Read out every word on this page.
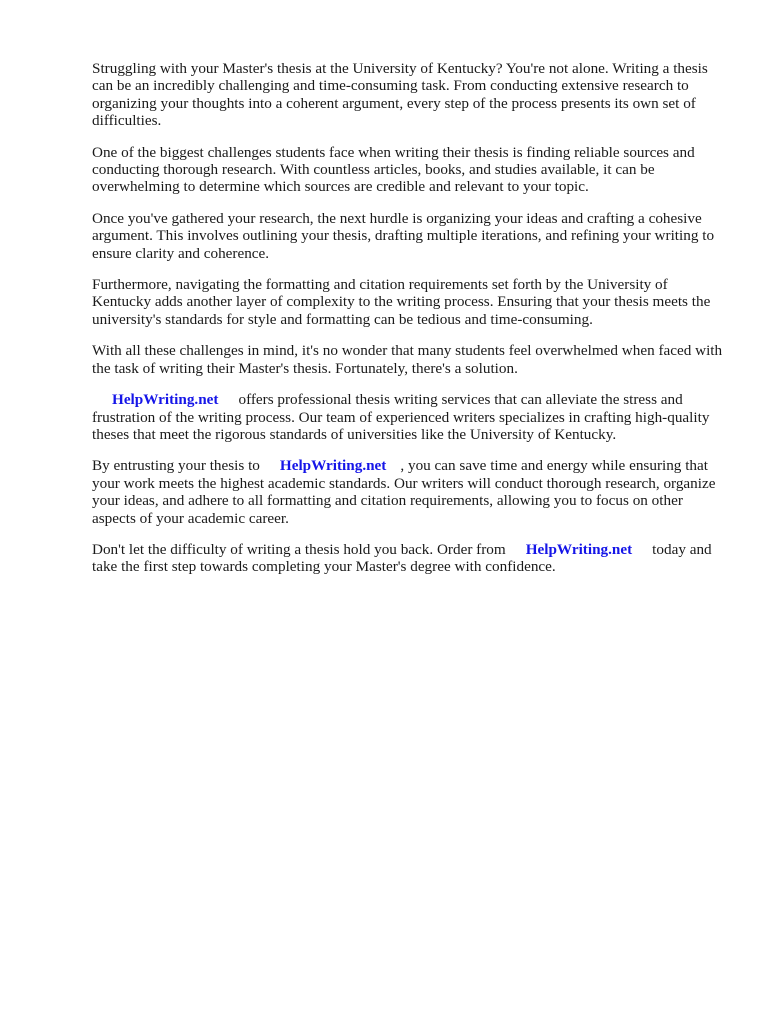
Struggling with your Master's thesis at the University of Kentucky? You're not alone. Writing a thesis can be an incredibly challenging and time-consuming task. From conducting extensive research to organizing your thoughts into a coherent argument, every step of the process presents its own set of difficulties.

One of the biggest challenges students face when writing their thesis is finding reliable sources and conducting thorough research. With countless articles, books, and studies available, it can be overwhelming to determine which sources are credible and relevant to your topic.

Once you've gathered your research, the next hurdle is organizing your ideas and crafting a cohesive argument. This involves outlining your thesis, drafting multiple iterations, and refining your writing to ensure clarity and coherence.

Furthermore, navigating the formatting and citation requirements set forth by the University of Kentucky adds another layer of complexity to the writing process. Ensuring that your thesis meets the university's standards for style and formatting can be tedious and time-consuming.

With all these challenges in mind, it's no wonder that many students feel overwhelmed when faced with the task of writing their Master's thesis. Fortunately, there's a solution.

HelpWriting.net offers professional thesis writing services that can alleviate the stress and frustration of the writing process. Our team of experienced writers specializes in crafting high-quality theses that meet the rigorous standards of universities like the University of Kentucky.

By entrusting your thesis to HelpWriting.net , you can save time and energy while ensuring that your work meets the highest academic standards. Our writers will conduct thorough research, organize your ideas, and adhere to all formatting and citation requirements, allowing you to focus on other aspects of your academic career.

Don't let the difficulty of writing a thesis hold you back. Order from HelpWriting.net today and take the first step towards completing your Master's degree with confidence.
